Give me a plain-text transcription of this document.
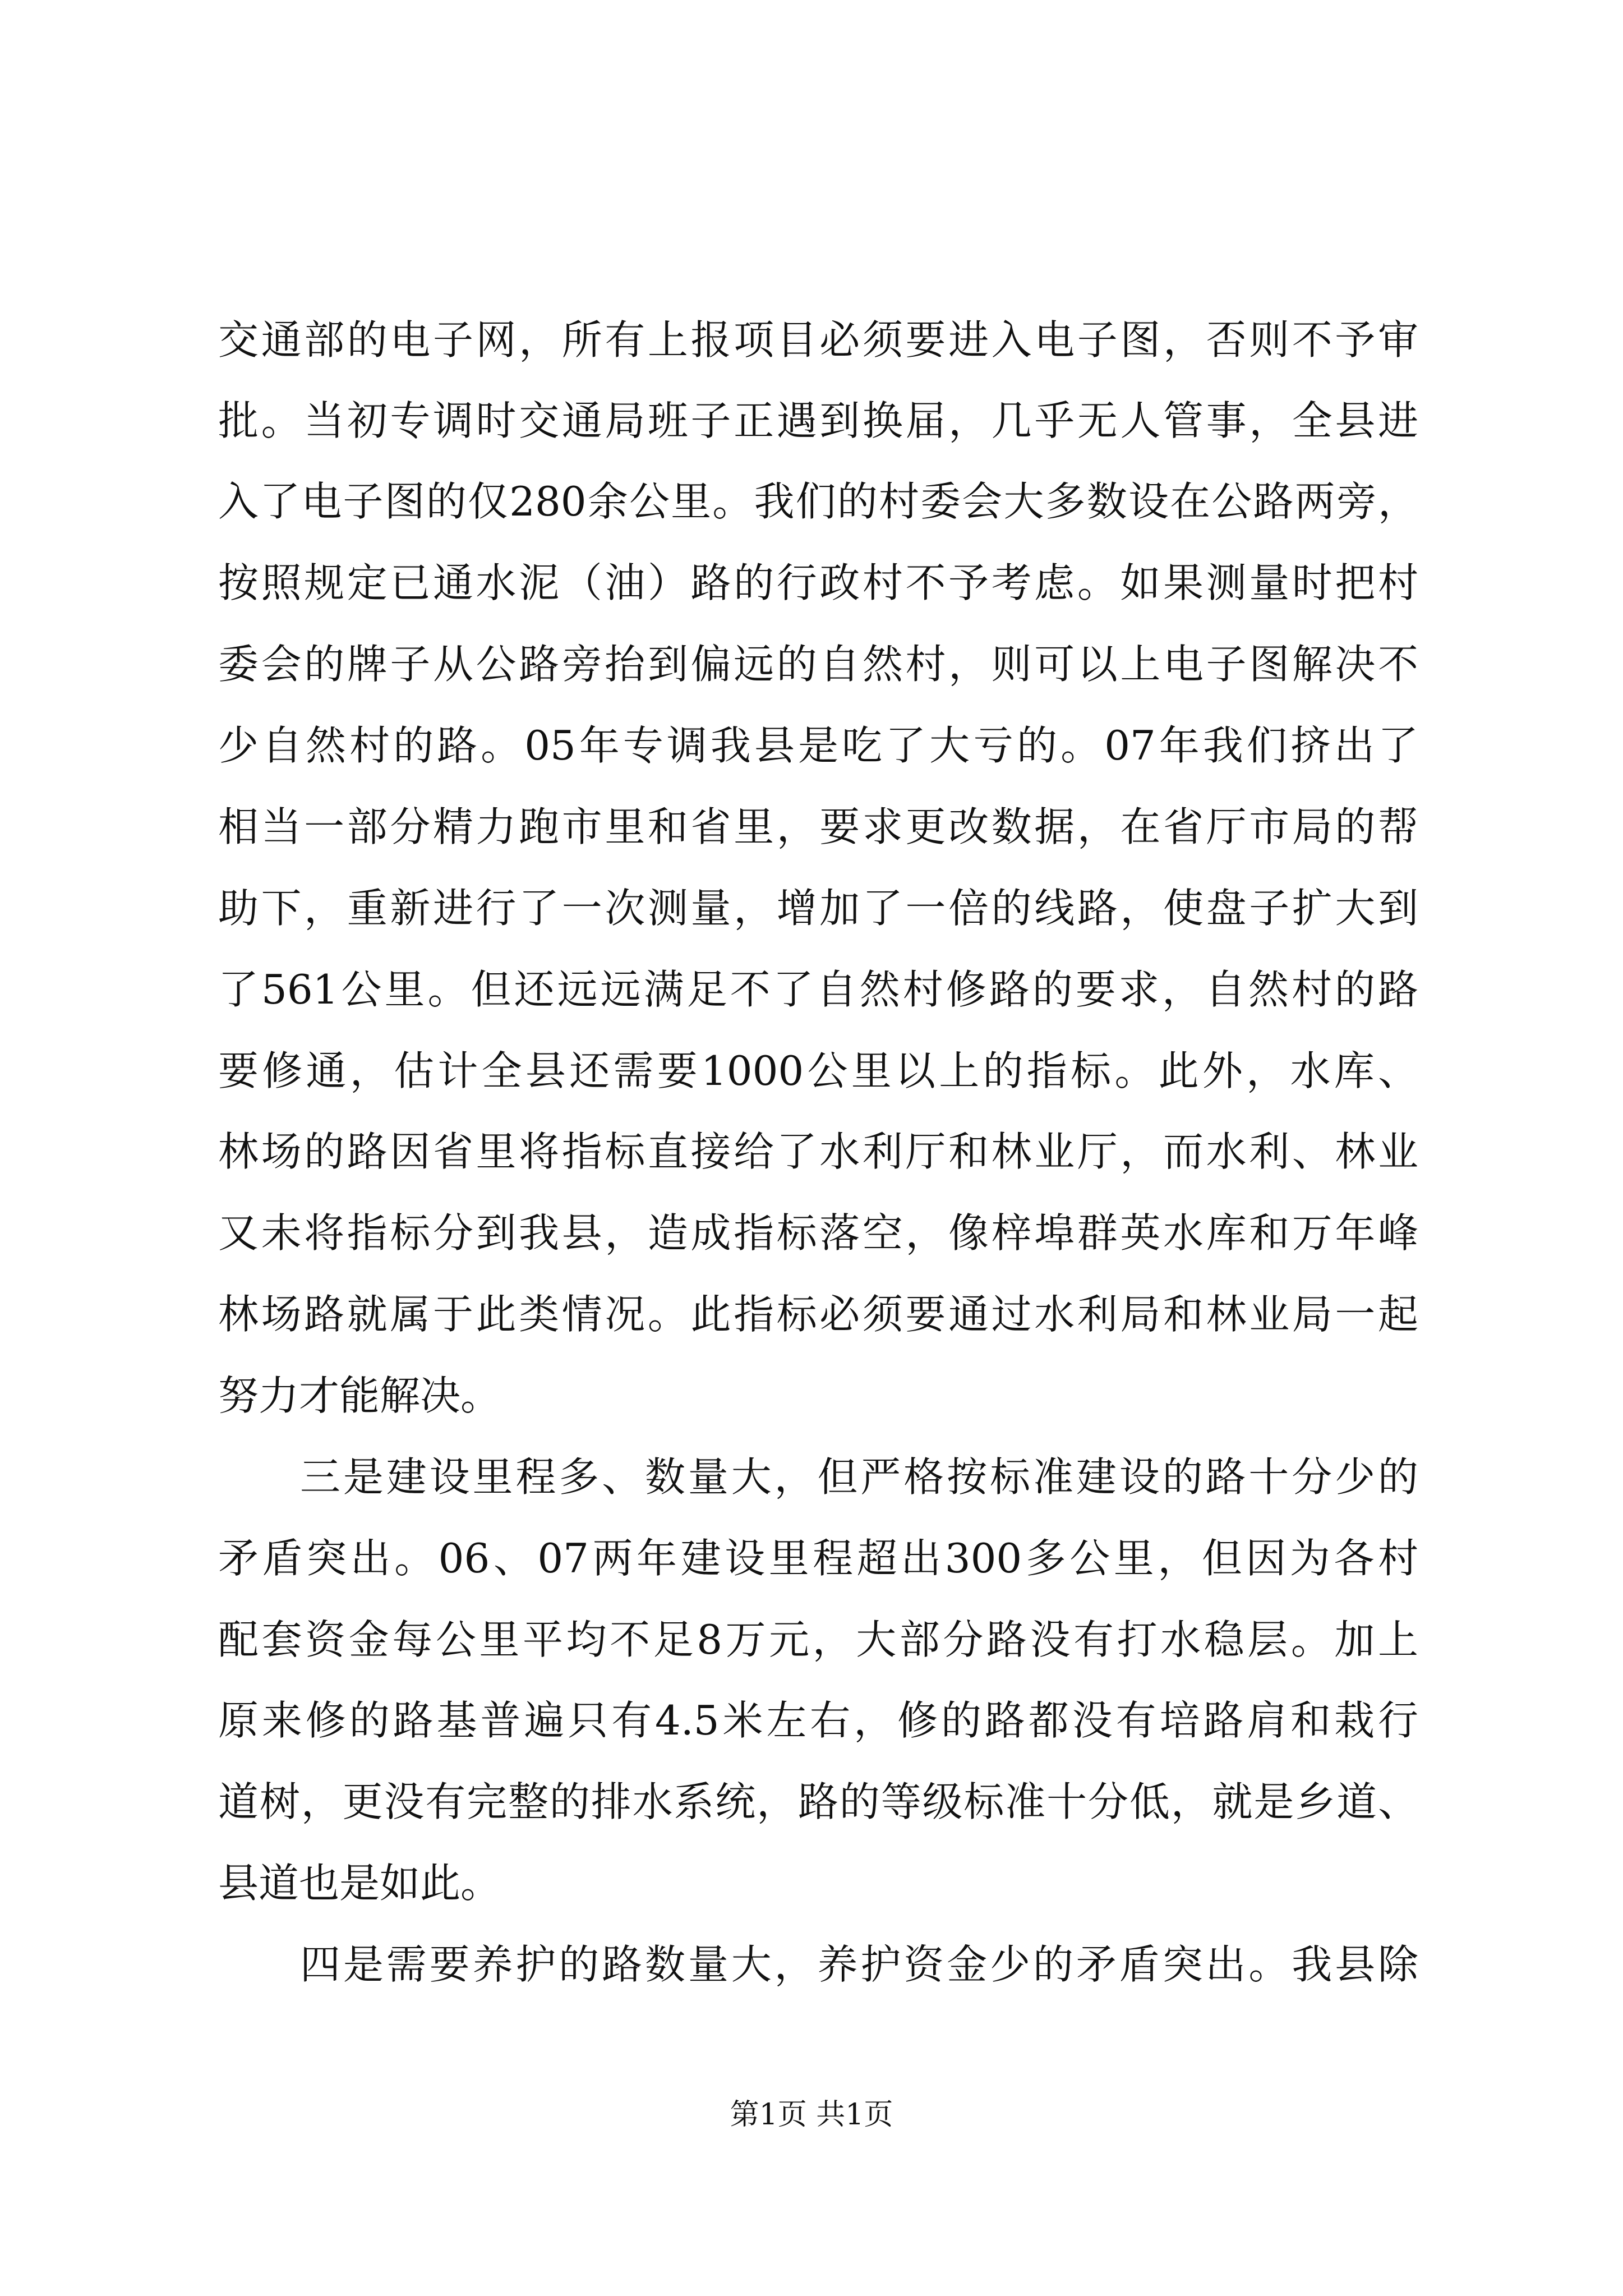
交通部的电子网，所有上报项目必须要进入电子图，否则不予审
批。当初专调时交通局班子正遇到换届，几乎无人管事，全县进
入了电子图的仅280余公里。我们的村委会大多数设在公路两旁，
按照规定已通水泥（油）路的行政村不予考虑。如果测量时把村
委会的牌子从公路旁抬到偏远的自然村，则可以上电子图解决不
少自然村的路。05年专调我县是吃了大亏的。07年我们挤出了
相当一部分精力跑市里和省里，要求更改数据，在省厅市局的帮
助下，重新进行了一次测量，增加了一倍的线路，使盘子扩大到
了561公里。但还远远满足不了自然村修路的要求，自然村的路
要修通，估计全县还需要1000公里以上的指标。此外，水库、
林场的路因省里将指标直接给了水利厅和林业厅，而水利、林业
又未将指标分到我县，造成指标落空，像梓埠群英水库和万年峰
林场路就属于此类情况。此指标必须要通过水利局和林业局一起
努力才能解决。
三是建设里程多、数量大，但严格按标准建设的路十分少的
矛盾突出。06、07两年建设里程超出300多公里，但因为各村
配套资金每公里平均不足8万元，大部分路没有打水稳层。加上
原来修的路基普遍只有4.5米左右，修的路都没有培路肩和栽行
道树，更没有完整的排水系统，路的等级标准十分低，就是乡道、
县道也是如此。
四是需要养护的路数量大，养护资金少的矛盾突出。我县除
第1页 共1页
